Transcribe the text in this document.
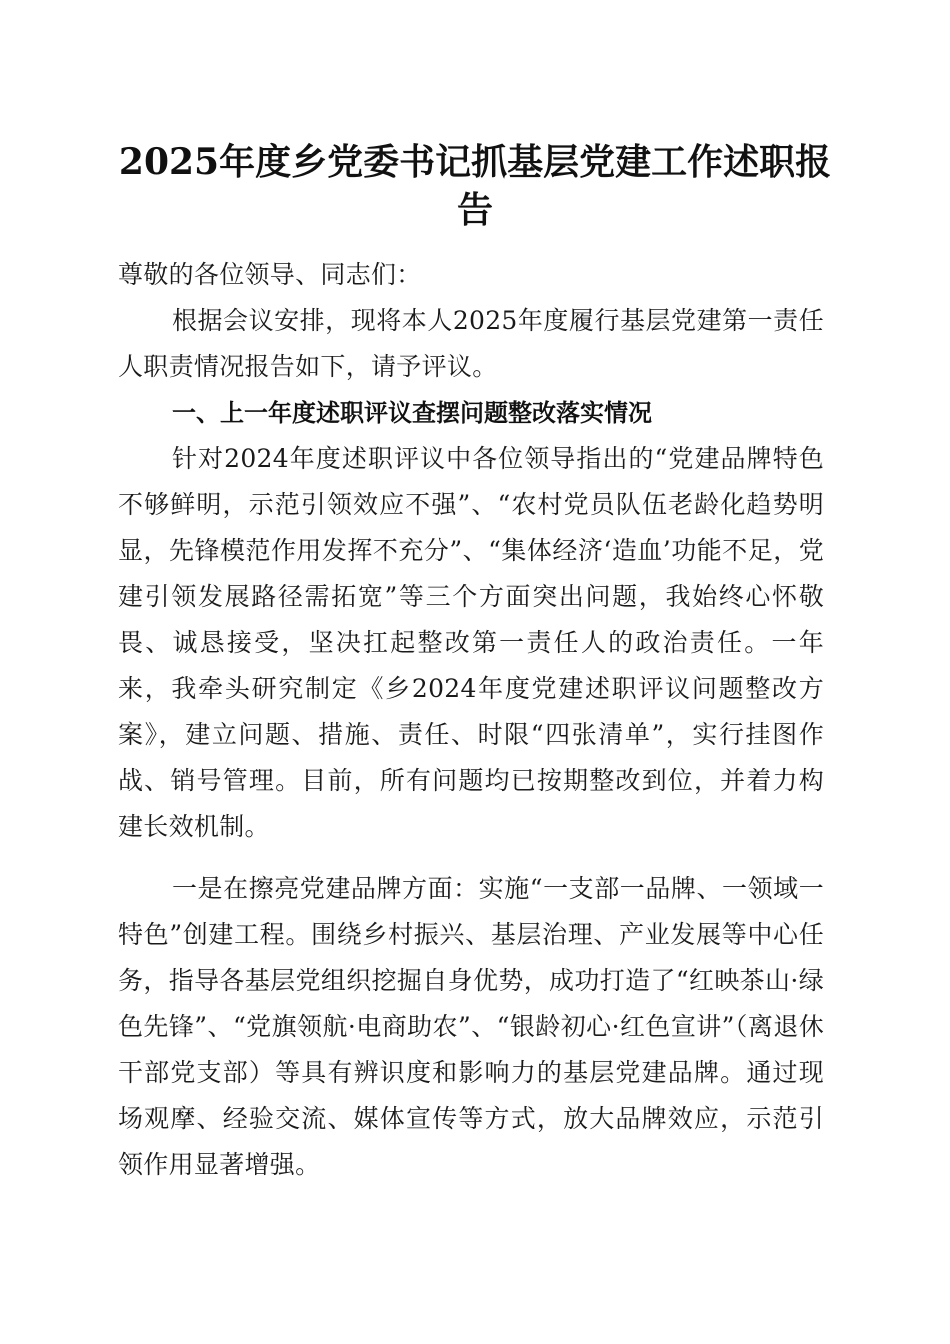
2025年度乡党委书记抓基层党建工作述职报告

尊敬的各位领导、同志们：

根据会议安排，现将本人2025年度履行基层党建第一责任人职责情况报告如下，请予评议。

一、上一年度述职评议查摆问题整改落实情况

针对2024年度述职评议中各位领导指出的“党建品牌特色不够鲜明，示范引领效应不强”、“农村党员队伍老龄化趋势明显，先锋模范作用发挥不充分”、“集体经济‘造血’功能不足，党建引领发展路径需拓宽”等三个方面突出问题，我始终心怀敬畏、诚恳接受，坚决扛起整改第一责任人的政治责任。一年来，我牵头研究制定《乡2024年度党建述职评议问题整改方案》，建立问题、措施、责任、时限“四张清单”，实行挂图作战、销号管理。目前，所有问题均已按期整改到位，并着力构建长效机制。

一是在擦亮党建品牌方面：实施“一支部一品牌、一领域一特色”创建工程。围绕乡村振兴、基层治理、产业发展等中心任务，指导各基层党组织挖掘自身优势，成功打造了“红映茶山·绿色先锋”、“党旗领航·电商助农”、“银龄初心·红色宣讲”（离退休干部党支部）等具有辨识度和影响力的基层党建品牌。通过现场观摩、经验交流、媒体宣传等方式，放大品牌效应，示范引领作用显著增强。
